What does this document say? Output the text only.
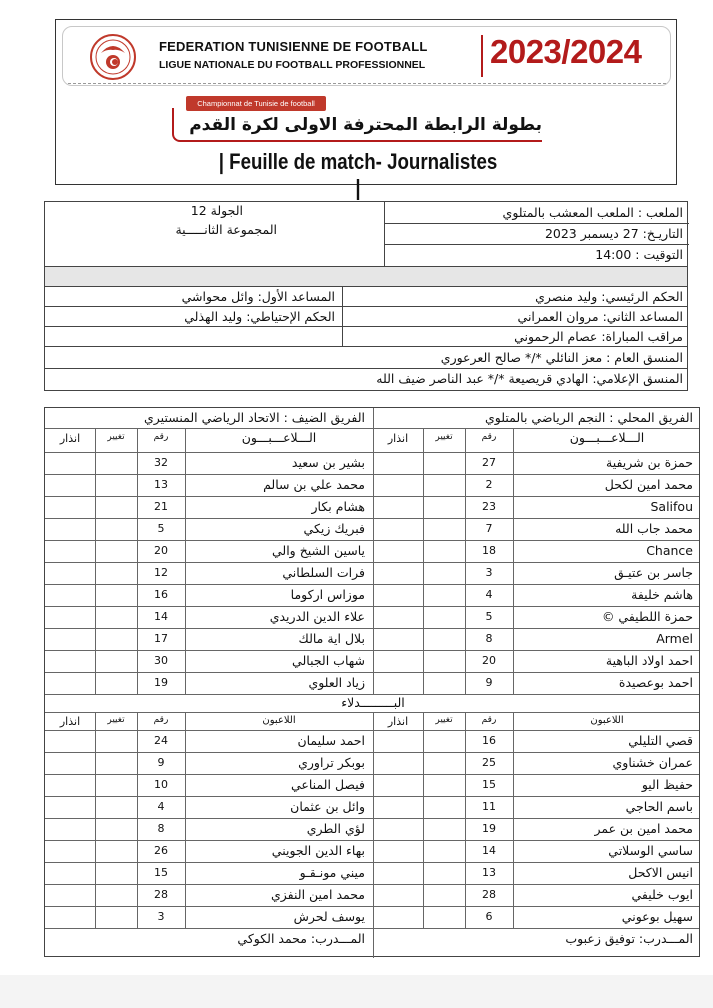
FEDERATION TUNISIENNE DE FOOTBALL
LIGUE NATIONALE DU FOOTBALL PROFESSIONNEL 2023/2024
Championnat de Tunisie de football
بطولة الرابطة المحترفة الاولى لكرة القدم
| Feuille de match- Journalistes |
الملعب : الملعب المعشب بالمتلوي
التاريـخ: 27 ديسمبر 2023
التوقيت : 14:00
الجولة 12
المجموعة الثانـــــية
الحكم الرئيسي: وليد منصري
المساعد الثاني: مروان العمراني
مراقب المباراة: عصام الرحموني
المساعد الأول: وائل محواشي
الحكم الإحتياطي: وليد الهذلي
المنسق العام : معز النائلي */* صالح العرعوري
المنسق الإعلامي: الهادي قريصيعة */* عبد الناصر ضيف الله
الفريق المحلي : النجم الرياضي بالمتلوي
الـــلاعـــبـــون
رقم
تغيير
انذار
حمزة بن شريفية
27
محمد امين لكحل
2
Salifou
23
محمد جاب الله
7
Chance
18
جاسر بن عتيـق
3
هاشم خليفة
4
حمزة اللطيفي ©
5
Armel
8
احمد اولاد الباهية
20
احمد بوعصيدة
9
اللاعبون
رقم
تغيير
انذار
قصي التليلي
16
عمران خشناوي
25
حفيظ اليو
15
باسم الحاجي
11
محمد امين بن عمر
19
ساسي الوسلاتي
14
انيس الاكحل
13
ايوب خليفي
28
سهيل بوعوني
6
المـــدرب: توفيق زعبوب
الفريق الضيف : الاتحاد الرياضي المنستيري
الـــلاعـــبـــون
رقم
تغيير
انذار
بشير بن سعيد
32
محمد علي بن سالم
13
هشام بكار
21
فبريك زيكي
5
ياسين الشيخ والي
20
فرات السلطاني
12
موزاس اركوما
16
علاء الدين الدريدي
14
بلال اية مالك
17
شهاب الجبالي
30
زياد العلوي
19
اللاعبون
رقم
تغيير
انذار
احمد سليمان
24
بوبكر تراوري
9
فيصل المناعي
10
وائل بن عثمان
4
لؤي الطري
8
بهاء الدين الجويني
26
ميني مونـقـو
15
محمد امين النفزي
28
يوسف لحرش
3
المـــدرب: محمد الكوكي
البـــــــــدلاء
